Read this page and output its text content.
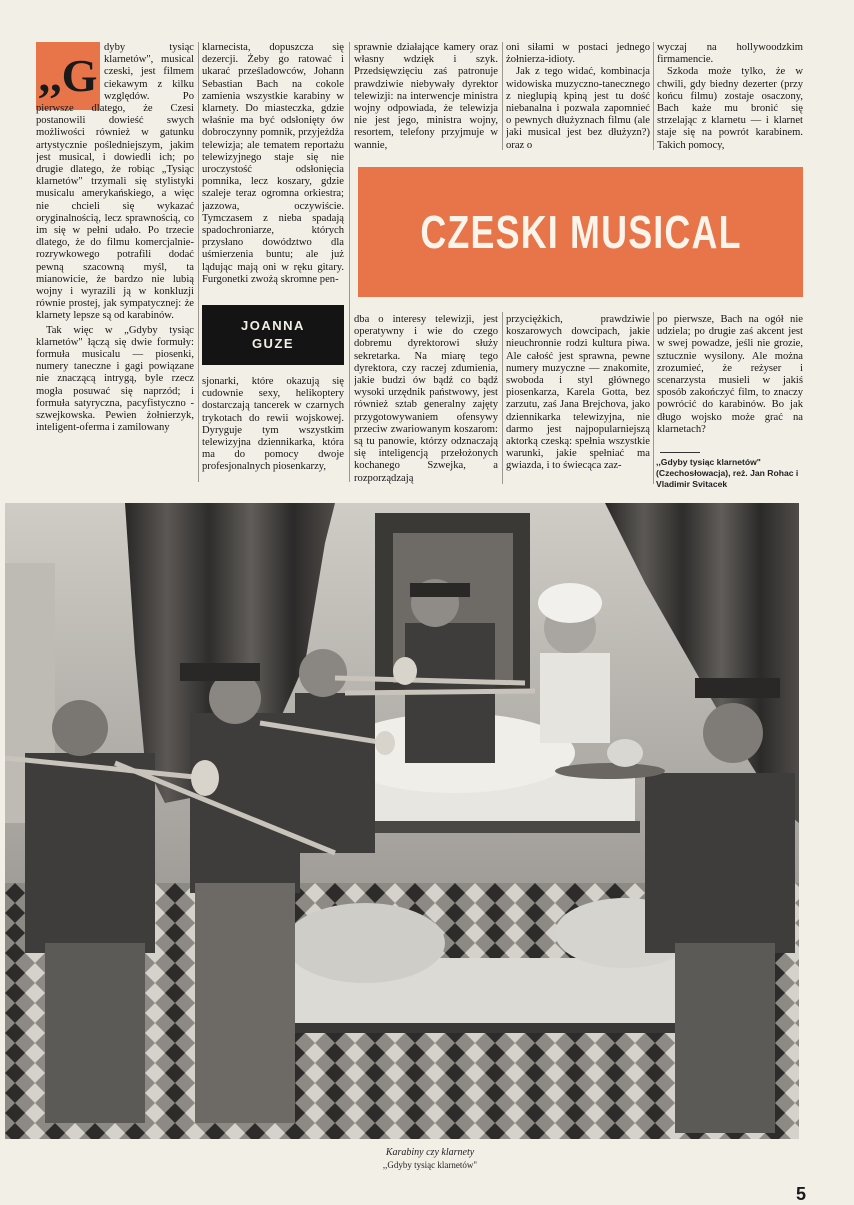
,,G

dyby tysiąc klarnetów", musical czeski, jest filmem ciekawym z kilku względów. Po pierwsze dlatego, że Czesi postanowili dowieść swych możliwości również w gatunku artystycznie pośledniejszym, jakim jest musical, i dowiedli ich; po drugie dlatego, że robiąc „Tysiąc klarnetów" trzymali się stylistyki musicalu amerykańskiego, a więc nie chcieli się wykazać oryginalnością, lecz sprawnością, co im się w pełni udało. Po trzecie dlatego, że do filmu komercjalnie-rozrywkowego potrafili dodać pewną szacowną myśl, ta mianowicie, że bardzo nie lubią wojny i wyrazili ją w konkluzji równie prostej, jak sympatycznej: że klarnety lepsze są od karabinów.

Tak więc w „Gdyby tysiąc klarnetów" łączą się dwie formuły: formuła musicalu — piosenki, numery taneczne i gagi powiązane nie znaczącą intrygą, byle rzecz mogła posuwać się naprzód; i formuła satyryczna, pacyfistyczno - szwejkowska. Pewien żołnierzyk, inteligent-oferma i zamilowany

klarnecista, dopuszcza się dezercji. Żeby go ratować i ukarać prześladowców, Johann Sebastian Bach na cokole zamienia wszystkie karabiny w klarnety. Do miasteczka, gdzie właśnie ma być odsłonięty ów dobroczynny pomnik, przyjeżdża telewizja; ale tematem reportażu telewizyjnego staje się nie uroczystość odsłonięcia pomnika, lecz koszary, gdzie szaleje teraz ogromna orkiestra; jazzowa, oczywiście. Tymczasem z nieba spadają spadochroniarze, których przysłano dowództwo dla uśmierzenia buntu; ale już lądując mają oni w ręku gitary. Furgonetki zwożą skromne pen-

JOANNA
GUZE

sjonarki, które okazują się cudownie sexy, helikoptery dostarczają tancerek w czarnych trykotach do rewii wojskowej. Dyryguje tym wszystkim telewizyjna dziennikarka, która ma do pomocy dwoje profesjonalnych piosenkarzy,

sprawnie działające kamery oraz własny wdzięk i szyk. Przedsięwzięciu zaś patronuje prawdziwie niebywały dyrektor telewizji: na interwencje ministra wojny odpowiada, że telewizja nie jest jego, ministra wojny, resortem, telefony przyjmuje w wannie,

oni siłami w postaci jednego żołnierza-idioty.

Jak z tego widać, kombinacja widowiska muzyczno-tanecznego z nieglupią kpiną jest tu dość niebanalna i pozwala zapomnieć o pewnych dłużyznach filmu (ale jaki musical jest bez dłużyzn?) oraz o

wyczaj na hollywoodzkim firmamencie.

Szkoda może tylko, że w chwili, gdy biedny dezerter (przy końcu filmu) zostaje osaczony, Bach każe mu bronić się strzelając z klarnetu — i klarnet staje się na powrót karabinem. Takich pomocy,

CZESKI MUSICAL

dba o interesy telewizji, jest operatywny i wie do czego dobremu dyrektorowi służy sekretarka. Na miarę tego dyrektora, czy raczej zdumienia, jakie budzi ów bądź co bądź wysoki urzędnik państwowy, jest również sztab generalny zajęty przygotowywaniem ofensywy przeciw zwariowanym koszarom: są tu panowie, którzy odznaczają się inteligencją przełożonych kochanego Szwejka, a rozporządzają

przyciężkich, prawdziwie koszarowych dowcipach, jakie nieuchronnie rodzi kultura piwa. Ale całość jest sprawna, pewne numery muzyczne — znakomite, swoboda i styl głównego piosenkarza, Karela Gotta, bez zarzutu, zaś Jana Brejchova, jako dziennikarka telewizyjna, nie darmo jest najpopularniejszą aktorką czeską: spełnia wszystkie warunki, jakie spełniać ma gwiazda, i to świecąca zaz-

po pierwsze, Bach na ogół nie udziela; po drugie zaś akcent jest w swej powadze, jeśli nie grozie, sztucznie wysilony. Ale można zrozumieć, że reżyser i scenarzysta musieli w jakiś sposób zakończyć film, to znaczy powrócić do karabinów. Bo jak długo wojsko może grać na klarnetach?

,,Gdyby tysiąc klarnetów" (Czechosłowacja), reż. Jan Rohac i Vladimir Svitacek
Karabiny czy klarnety
,,Gdyby tysiąc klarnetów"
5
